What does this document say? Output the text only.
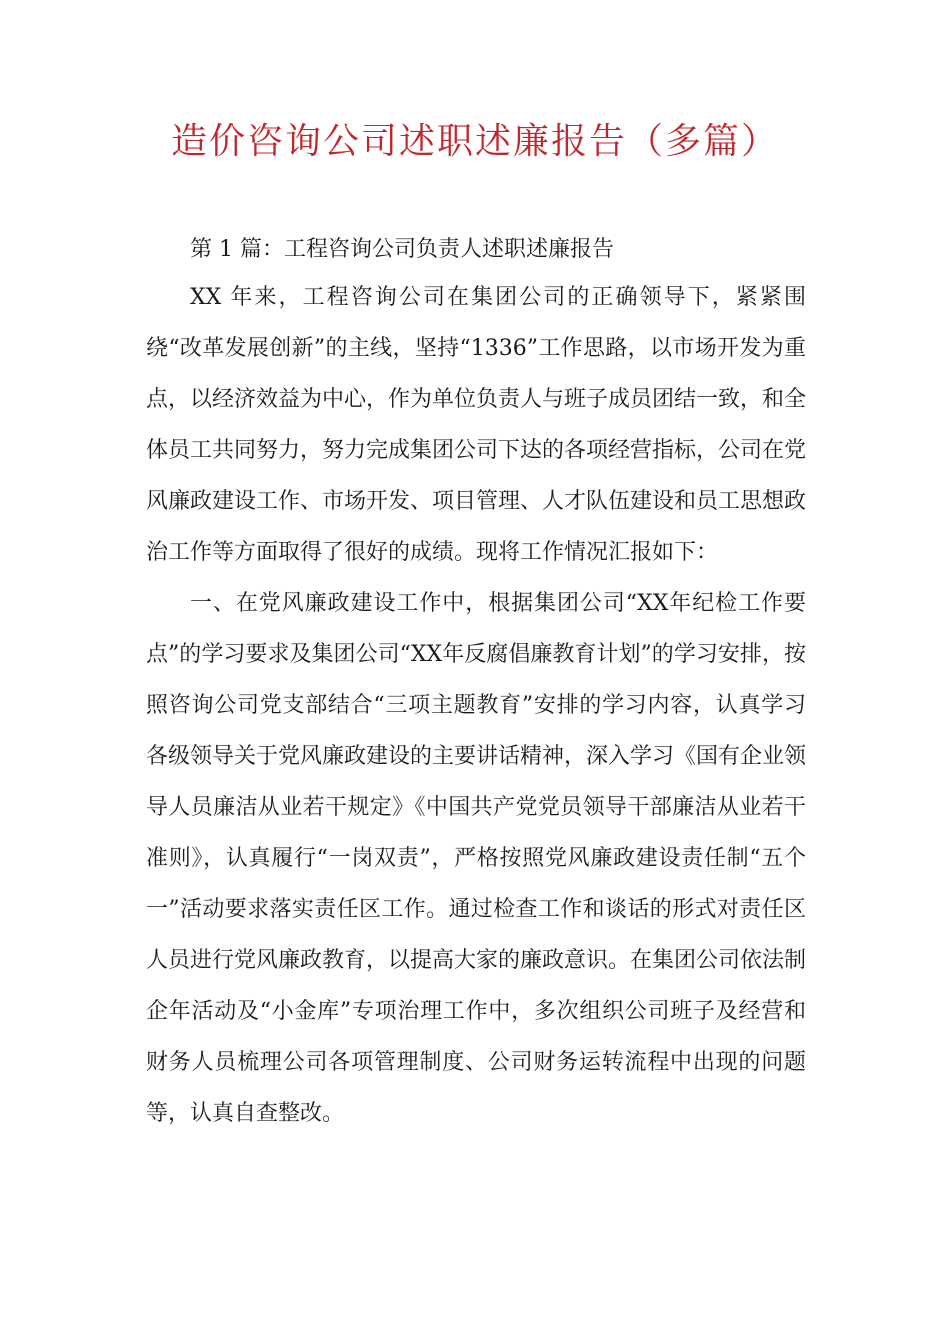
造价咨询公司述职述廉报告（多篇）

第 1 篇：工程咨询公司负责人述职述廉报告

XX 年来，工程咨询公司在集团公司的正确领导下，紧紧围绕“改革发展创新”的主线，坚持“1336”工作思路，以市场开发为重点，以经济效益为中心，作为单位负责人与班子成员团结一致，和全体员工共同努力，努力完成集团公司下达的各项经营指标，公司在党风廉政建设工作、市场开发、项目管理、人才队伍建设和员工思想政治工作等方面取得了很好的成绩。现将工作情况汇报如下：

一、在党风廉政建设工作中，根据集团公司“XX年纪检工作要点”的学习要求及集团公司“XX年反腐倡廉教育计划”的学习安排，按照咨询公司党支部结合“三项主题教育”安排的学习内容，认真学习各级领导关于党风廉政建设的主要讲话精神，深入学习《国有企业领导人员廉洁从业若干规定》《中国共产党党员领导干部廉洁从业若干准则》，认真履行“一岗双责”，严格按照党风廉政建设责任制“五个一”活动要求落实责任区工作。通过检查工作和谈话的形式对责任区人员进行党风廉政教育，以提高大家的廉政意识。在集团公司依法制企年活动及“小金库”专项治理工作中，多次组织公司班子及经营和财务人员梳理公司各项管理制度、公司财务运转流程中出现的问题等，认真自查整改。
